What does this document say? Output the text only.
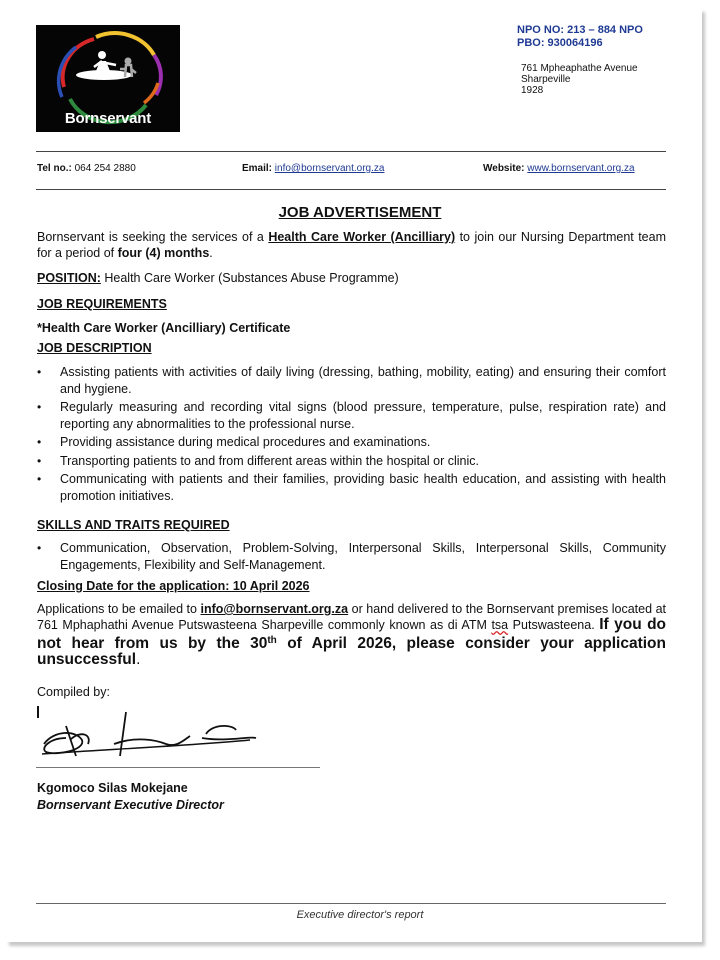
Bornservant
NPO NO: 213 – 884 NPO
PBO: 930064196
761 Mpheaphathe Avenue
Sharpeville
1928
Tel no.: 064 254 2880	Email: info@bornservant.org.za	Website: www.bornservant.org.za
JOB ADVERTISEMENT
Bornservant is seeking the services of a Health Care Worker (Ancilliary) to join our Nursing Department team for a period of four (4) months.
POSITION: Health Care Worker (Substances Abuse Programme)
JOB REQUIREMENTS
*Health Care Worker (Ancilliary) Certificate
JOB DESCRIPTION
• Assisting patients with activities of daily living (dressing, bathing, mobility, eating) and ensuring their comfort and hygiene.
• Regularly measuring and recording vital signs (blood pressure, temperature, pulse, respiration rate) and reporting any abnormalities to the professional nurse.
• Providing assistance during medical procedures and examinations.
• Transporting patients to and from different areas within the hospital or clinic.
• Communicating with patients and their families, providing basic health education, and assisting with health promotion initiatives.
SKILLS AND TRAITS REQUIRED
• Communication, Observation, Problem-Solving, Interpersonal Skills, Interpersonal Skills, Community Engagements, Flexibility and Self-Management.
Closing Date for the application: 10 April 2026
Applications to be emailed to info@bornservant.org.za or hand delivered to the Bornservant premises located at 761 Mphaphathi Avenue Putswasteena Sharpeville commonly known as di ATM tsa Putswasteena. If you do not hear from us by the 30th of April 2026, please consider your application unsuccessful.
Compiled by:
Kgomoco Silas Mokejane
Bornservant Executive Director
Executive director's report
